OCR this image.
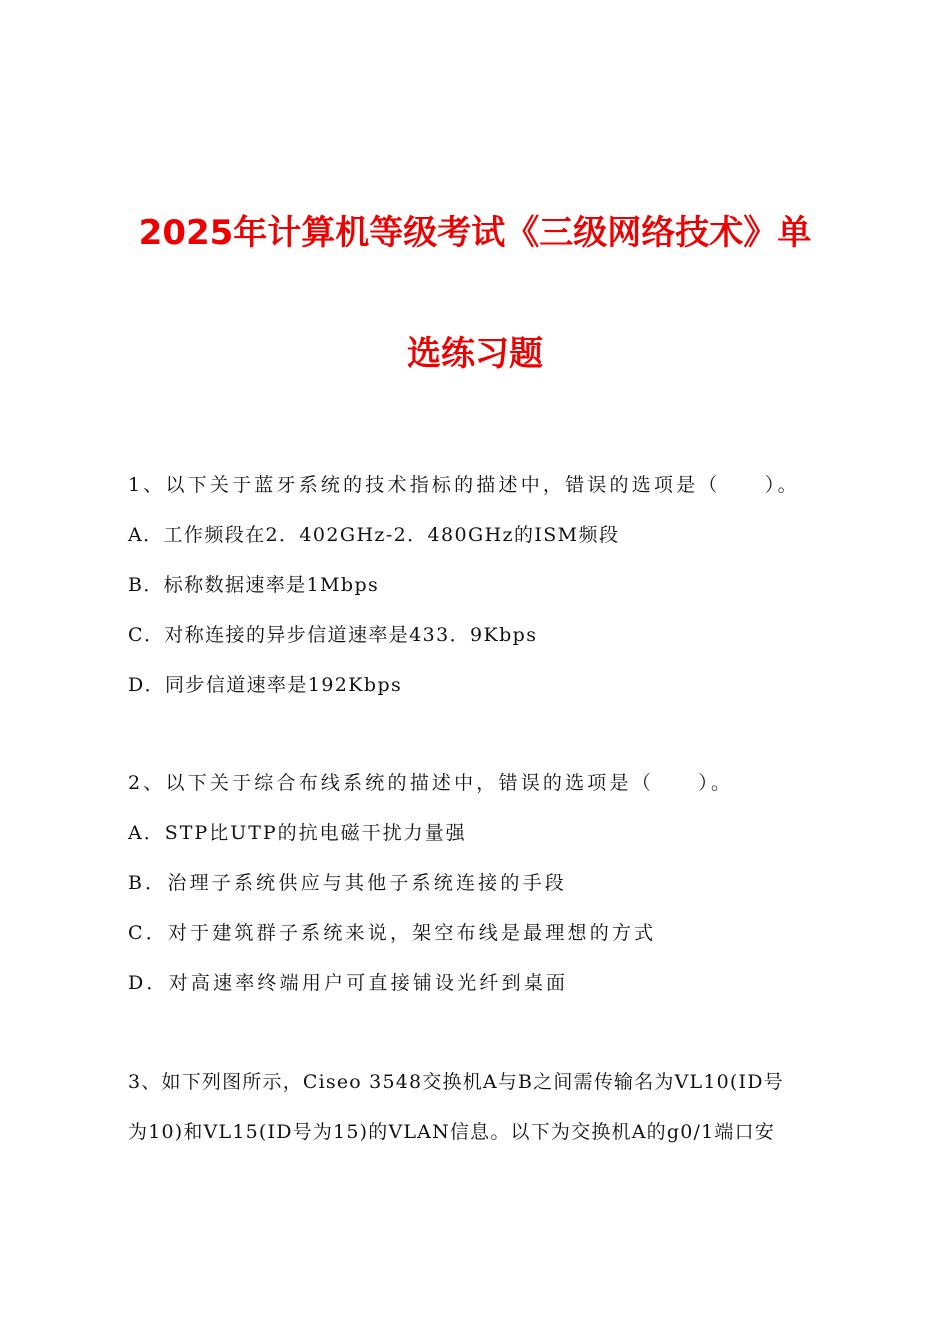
2025年计算机等级考试《三级网络技术》单
选练习题
1、以下关于蓝牙系统的技术指标的描述中，错误的选项是（　　）。
A．工作频段在2．402GHz-2．480GHz的ISM频段
B．标称数据速率是1Mbps
C．对称连接的异步信道速率是433．9Kbps
D．同步信道速率是192Kbps
2、以下关于综合布线系统的描述中，错误的选项是（　　）。
A．STP比UTP的抗电磁干扰力量强
B．治理子系统供应与其他子系统连接的手段
C．对于建筑群子系统来说，架空布线是最理想的方式
D．对高速率终端用户可直接铺设光纤到桌面
3、如下列图所示，Ciseo 3548交换机A与B之间需传输名为VL10(ID号
为10)和VL15(ID号为15)的VLAN信息。以下为交换机A的g0/1端口安
